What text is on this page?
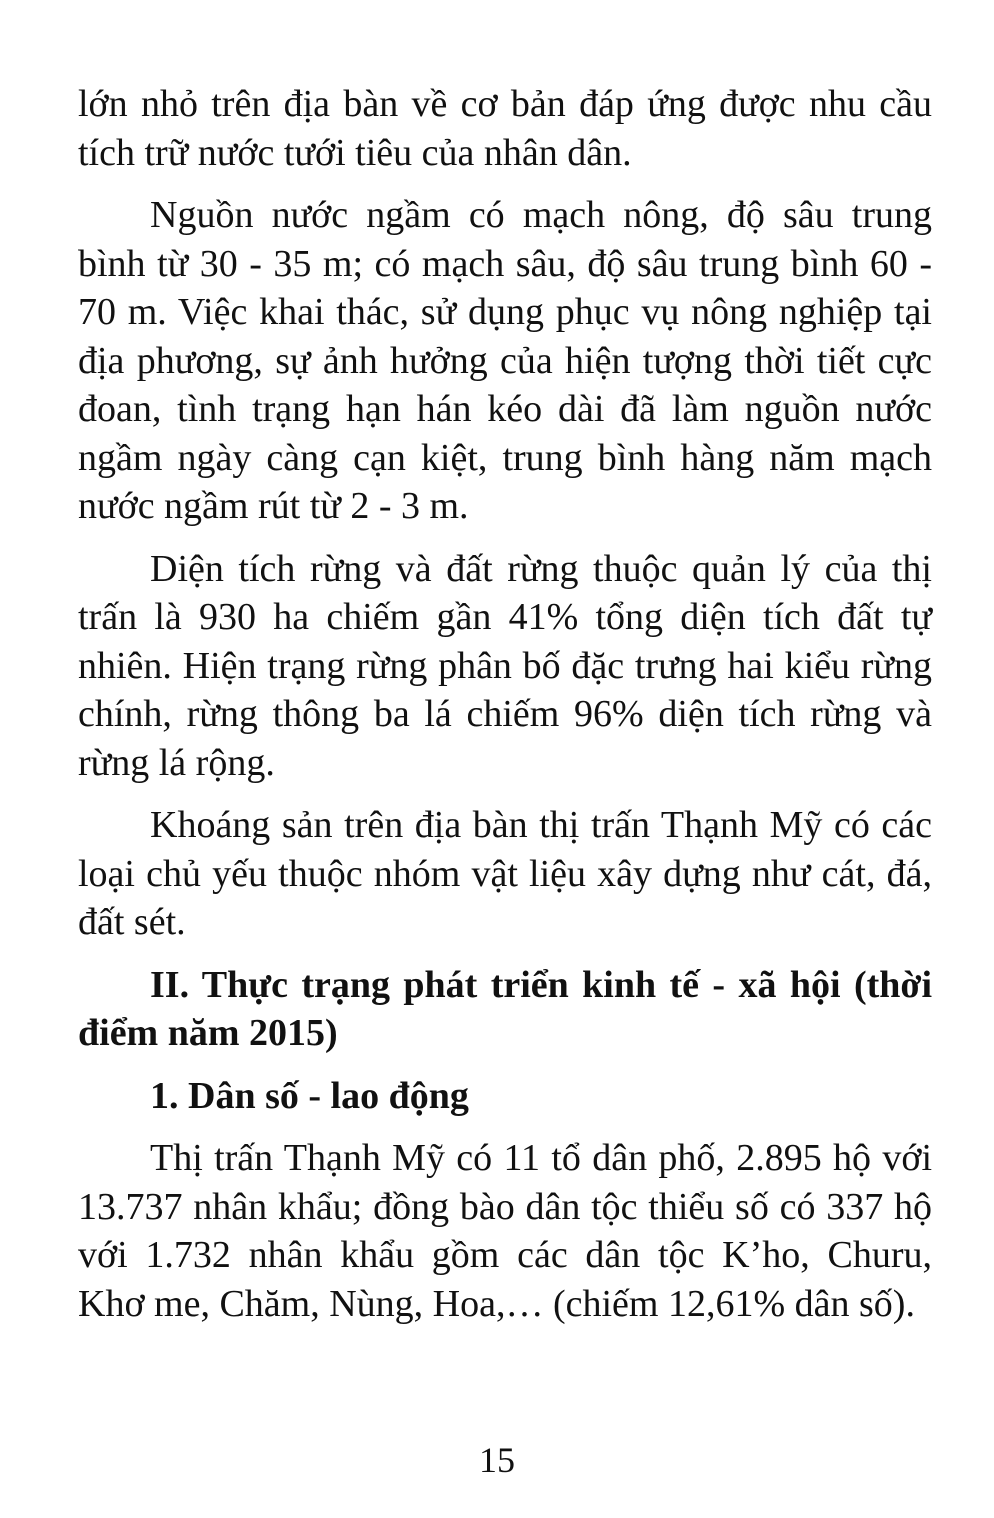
lớn nhỏ trên địa bàn về cơ bản đáp ứng được nhu cầu tích trữ nước tưới tiêu của nhân dân.

Nguồn nước ngầm có mạch nông, độ sâu trung bình từ 30 - 35 m; có mạch sâu, độ sâu trung bình 60 - 70 m. Việc khai thác, sử dụng phục vụ nông nghiệp tại địa phương, sự ảnh hưởng của hiện tượng thời tiết cực đoan, tình trạng hạn hán kéo dài đã làm nguồn nước ngầm ngày càng cạn kiệt, trung bình hàng năm mạch nước ngầm rút từ 2 - 3 m.

Diện tích rừng và đất rừng thuộc quản lý của thị trấn là 930 ha chiếm gần 41% tổng diện tích đất tự nhiên. Hiện trạng rừng phân bố đặc trưng hai kiểu rừng chính, rừng thông ba lá chiếm 96% diện tích rừng và rừng lá rộng.

Khoáng sản trên địa bàn thị trấn Thạnh Mỹ có các loại chủ yếu thuộc nhóm vật liệu xây dựng như cát, đá, đất sét.

II. Thực trạng phát triển kinh tế - xã hội (thời điểm năm 2015)

1. Dân số - lao động

Thị trấn Thạnh Mỹ có 11 tổ dân phố, 2.895 hộ với 13.737 nhân khẩu; đồng bào dân tộc thiểu số có 337 hộ với 1.732 nhân khẩu gồm các dân tộc K’ho, Churu, Khơ me, Chăm, Nùng, Hoa,… (chiếm 12,61% dân số).

15
